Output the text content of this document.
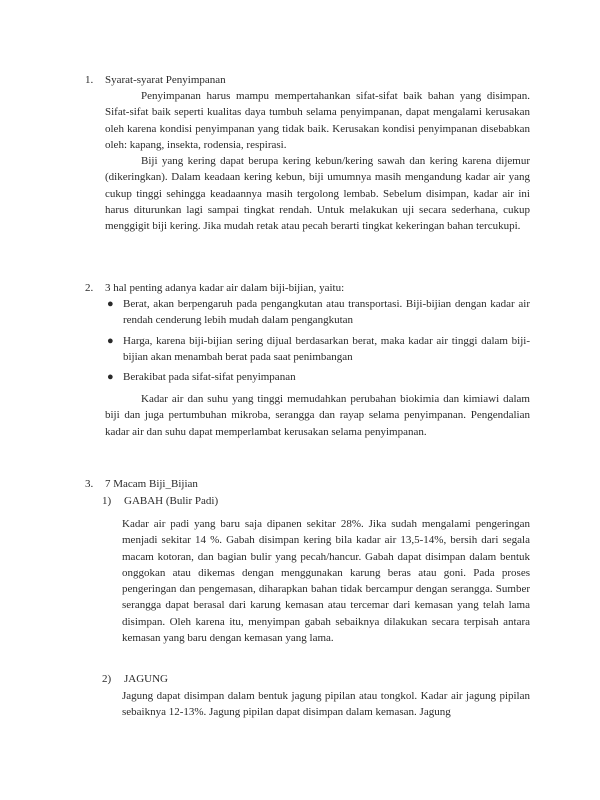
1. Syarat-syarat Penyimpanan
Penyimpanan harus mampu mempertahankan sifat-sifat baik bahan yang disimpan. Sifat-sifat baik seperti kualitas daya tumbuh selama penyimpanan, dapat mengalami kerusakan oleh karena kondisi penyimpanan yang tidak baik. Kerusakan kondisi penyimpanan disebabkan oleh: kapang, insekta, rodensia, respirasi.
Biji yang kering dapat berupa kering kebun/kering sawah dan kering karena dijemur (dikeringkan). Dalam keadaan kering kebun, biji umumnya masih mengandung kadar air yang cukup tinggi sehingga keadaannya masih tergolong lembab. Sebelum disimpan, kadar air ini harus diturunkan lagi sampai tingkat rendah. Untuk melakukan uji secara sederhana, cukup menggigit biji kering. Jika mudah retak atau pecah berarti tingkat kekeringan bahan tercukupi.
2. 3 hal penting adanya kadar air dalam biji-bijian, yaitu:
● Berat, akan berpengaruh pada pengangkutan atau transportasi. Biji-bijian dengan kadar air rendah cenderung lebih mudah dalam pengangkutan
● Harga, karena biji-bijian sering dijual berdasarkan berat, maka kadar air tinggi dalam biji-bijian akan menambah berat pada saat penimbangan
● Berakibat pada sifat-sifat penyimpanan
Kadar air dan suhu yang tinggi memudahkan perubahan biokimia dan kimiawi dalam biji dan juga pertumbuhan mikroba, serangga dan rayap selama penyimpanan. Pengendalian kadar air dan suhu dapat memperlambat kerusakan selama penyimpanan.
3. 7 Macam Biji_Bijian
1) GABAH (Bulir Padi)
Kadar air padi yang baru saja dipanen sekitar 28%. Jika sudah mengalami pengeringan menjadi sekitar 14 %. Gabah disimpan kering bila kadar air 13,5-14%, bersih dari segala macam kotoran, dan bagian bulir yang pecah/hancur. Gabah dapat disimpan dalam bentuk onggokan atau dikemas dengan menggunakan karung beras atau goni. Pada proses pengeringan dan pengemasan, diharapkan bahan tidak bercampur dengan serangga. Sumber serangga dapat berasal dari karung kemasan atau tercemar dari kemasan yang telah lama disimpan. Oleh karena itu, menyimpan gabah sebaiknya dilakukan secara terpisah antara kemasan yang baru dengan kemasan yang lama.
2) JAGUNG
Jagung dapat disimpan dalam bentuk jagung pipilan atau tongkol. Kadar air jagung pipilan sebaiknya 12-13%. Jagung pipilan dapat disimpan dalam kemasan. Jagung
